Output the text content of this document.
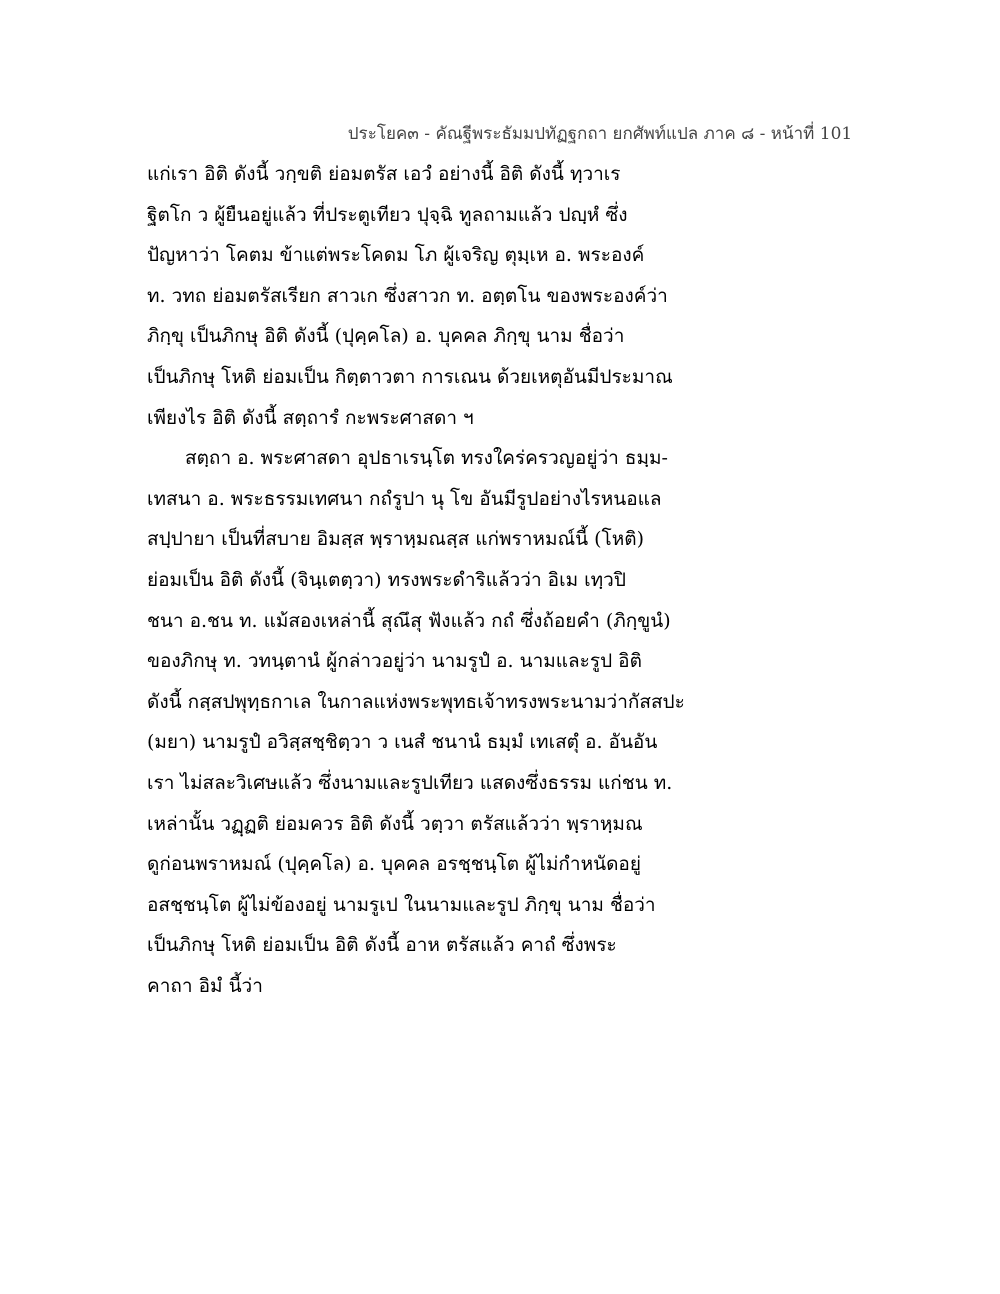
ประโยค๓ - คัณฐีพระธัมมปทัฏฐกถา ยกศัพท์แปล ภาค ๘ - หน้าที่ 101
แก่เรา อิติ ดังนี้ วกฺขติ ย่อมตรัส เอวํ อย่างนี้ อิติ ดังนี้ ทฺวาเร
ฐิตโก ว ผู้ยืนอยู่แล้ว ที่ประตูเทียว ปุจฺฉิ ทูลถามแล้ว ปญฺหํ ซึ่ง
ปัญหาว่า โคตม ข้าแต่พระโคดม โภ ผู้เจริญ ตุมฺเห อ. พระองค์
ท. วทถ ย่อมตรัสเรียก สาวเก ซึ่งสาวก ท. อตฺตโน ของพระองค์ว่า
ภิกฺขุ เป็นภิกษุ อิติ ดังนี้ (ปุคฺคโล) อ. บุคคล ภิกฺขุ นาม ชื่อว่า
เป็นภิกษุ โหติ ย่อมเป็น กิตฺตาวตา การเณน ด้วยเหตุอันมีประมาณ
เพียงไร อิติ ดังนี้ สตฺถารํ กะพระศาสดา ฯ
สตฺถา อ. พระศาสดา อุปธาเรนฺโต ทรงใคร่ครวญอยู่ว่า ธมฺม-
เทสนา อ. พระธรรมเทศนา กถํรูปา นุ โข อันมีรูปอย่างไรหนอแล
สปฺปายา เป็นที่สบาย อิมสฺส พฺราหฺมณสฺส แก่พราหมณ์นี้ (โหติ)
ย่อมเป็น อิติ ดังนี้ (จินฺเตตฺวา) ทรงพระดำริแล้วว่า อิเม เทฺวปิ
ชนา อ.ชน ท. แม้สองเหล่านี้ สุณึสุ ฟังแล้ว กถํ ซึ่งถ้อยคำ (ภิกฺขูนํ)
ของภิกษุ ท. วทนฺตานํ ผู้กล่าวอยู่ว่า นามรูปํ อ. นามและรูป อิติ
ดังนี้ กสฺสปพุทฺธกาเล ในกาลแห่งพระพุทธเจ้าทรงพระนามว่ากัสสปะ
(มยา) นามรูปํ อวิสฺสชฺชิตฺวา ว เนสํ ชนานํ ธมฺมํ เทเสตุํ อ. อันอัน
เรา ไม่สละวิเศษแล้ว ซึ่งนามและรูปเทียว แสดงซึ่งธรรม แก่ชน ท.
เหล่านั้น วฏฺฏติ ย่อมควร อิติ ดังนี้ วตฺวา ตรัสแล้วว่า พฺราหฺมณ
ดูก่อนพราหมณ์ (ปุคฺคโล) อ. บุคคล อรชฺชนฺโต ผู้ไม่กำหนัดอยู่
อสชฺชนฺโต ผู้ไม่ข้องอยู่ นามรูเป ในนามและรูป ภิกฺขุ นาม ชื่อว่า
เป็นภิกษุ โหติ ย่อมเป็น อิติ ดังนี้ อาห ตรัสแล้ว คาถํ ซึ่งพระ
คาถา อิมํ นี้ว่า
